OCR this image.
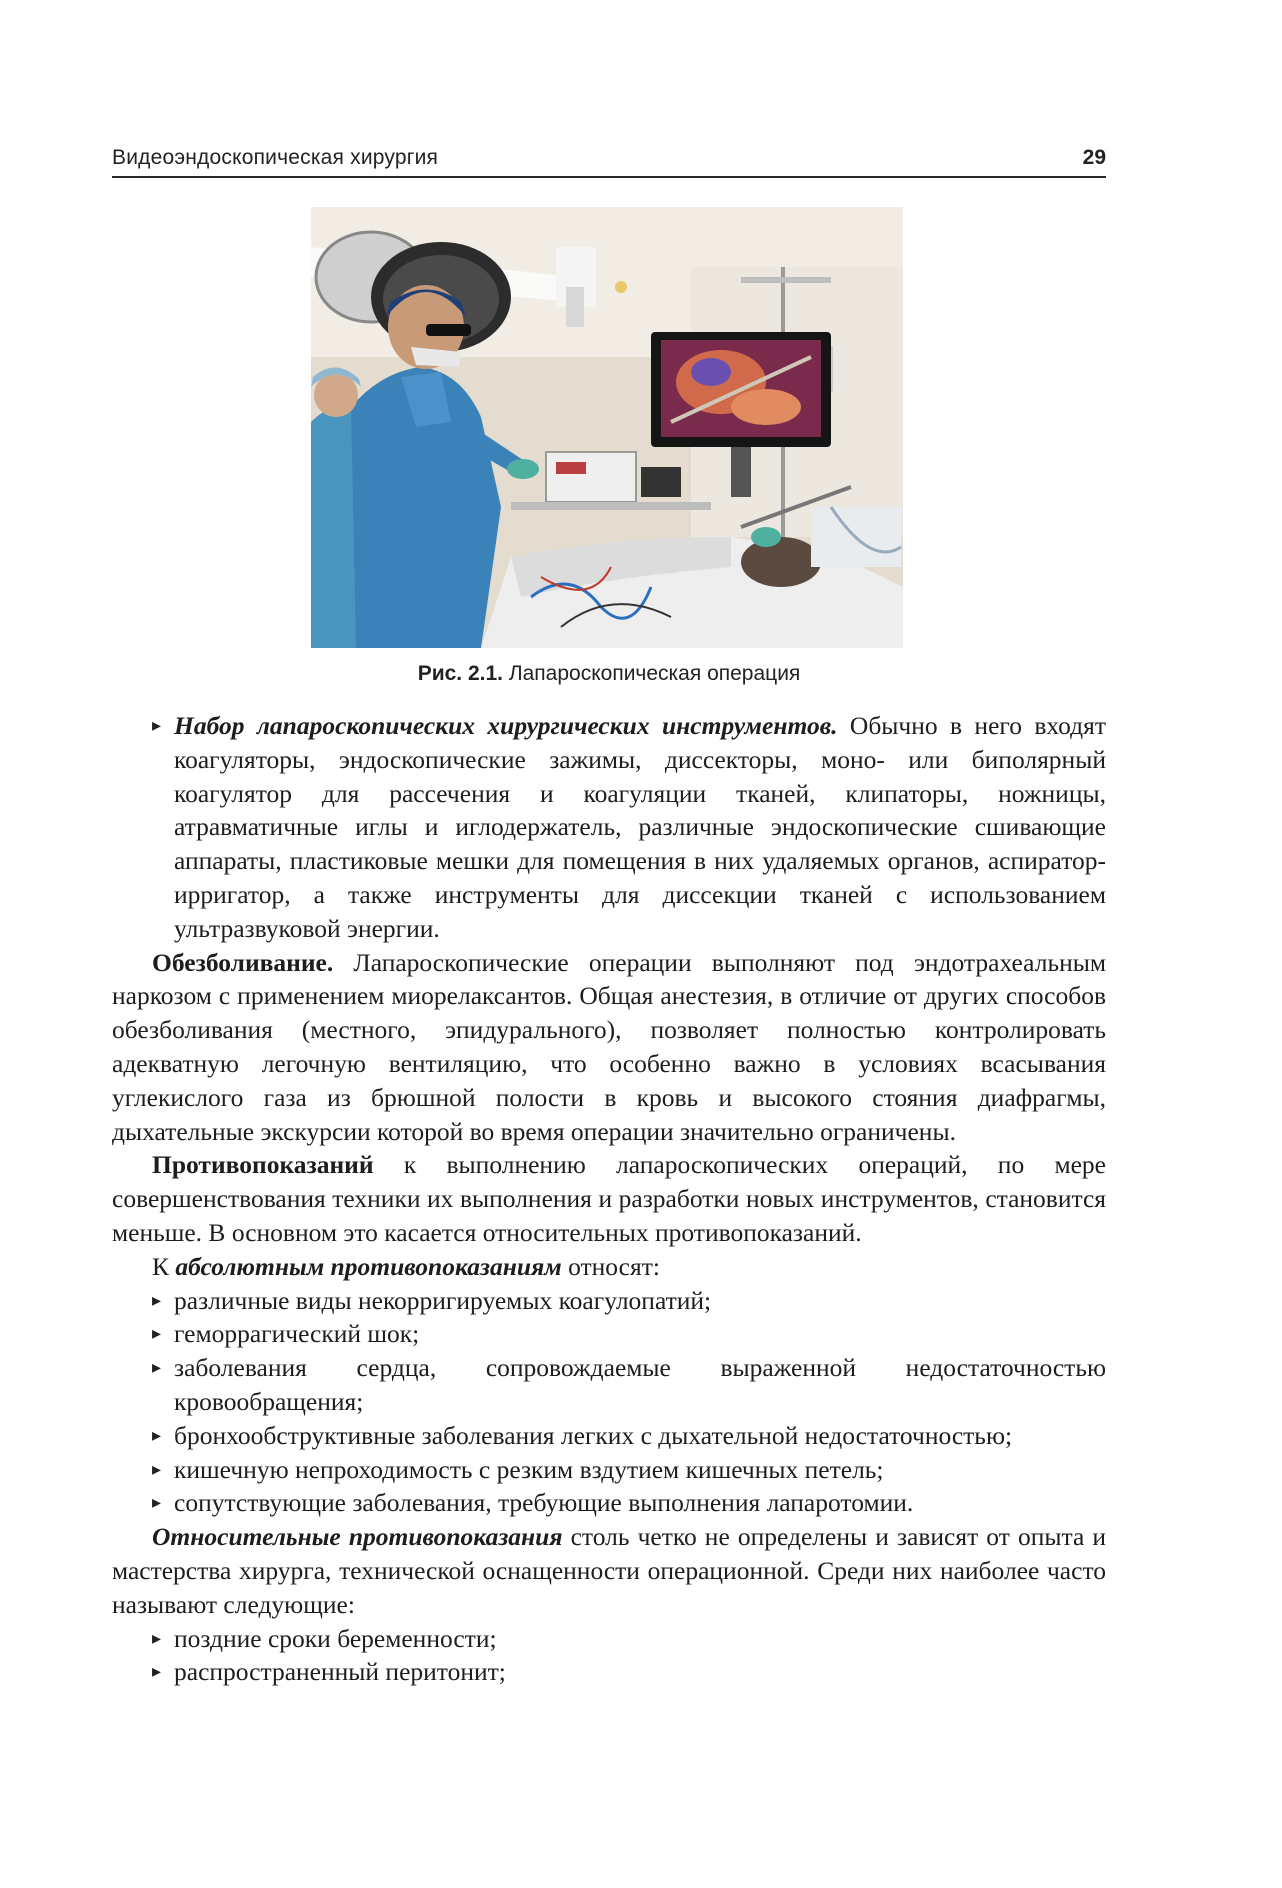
Видеоэндоскопическая хирургия	29
Рис. 2.1. Лапароскопическая операция

▸ Набор лапароскопических хирургических инструментов. Обычно в него входят коагуляторы, эндоскопические зажимы, диссекторы, моно- или биполярный коагулятор для рассечения и коагуляции тканей, клипаторы, ножницы, атравматичные иглы и иглодержатель, различные эндоскопические сшивающие аппараты, пластиковые мешки для помещения в них удаляемых органов, аспиратор-ирригатор, а также инструменты для диссекции тканей с использованием ультразвуковой энергии.

Обезболивание. Лапароскопические операции выполняют под эндотрахеальным наркозом с применением миорелаксантов. Общая анестезия, в отличие от других способов обезболивания (местного, эпидурального), позволяет полностью контролировать адекватную легочную вентиляцию, что особенно важно в условиях всасывания углекислого газа из брюшной полости в кровь и высокого стояния диафрагмы, дыхательные экскурсии которой во время операции значительно ограничены.

Противопоказаний к выполнению лапароскопических операций, по мере совершенствования техники их выполнения и разработки новых инструментов, становится меньше. В основном это касается относительных противопоказаний.

К абсолютным противопоказаниям относят:

▸ различные виды некорригируемых коагулопатий;

▸ геморрагический шок;

▸ заболевания сердца, сопровождаемые выраженной недостаточностью кровообращения;

▸ бронхообструктивные заболевания легких с дыхательной недостаточностью;

▸ кишечную непроходимость с резким вздутием кишечных петель;

▸ сопутствующие заболевания, требующие выполнения лапаротомии.

Относительные противопоказания столь четко не определены и зависят от опыта и мастерства хирурга, технической оснащенности операционной. Среди них наиболее часто называют следующие:

▸ поздние сроки беременности;

▸ распространенный перитонит;
